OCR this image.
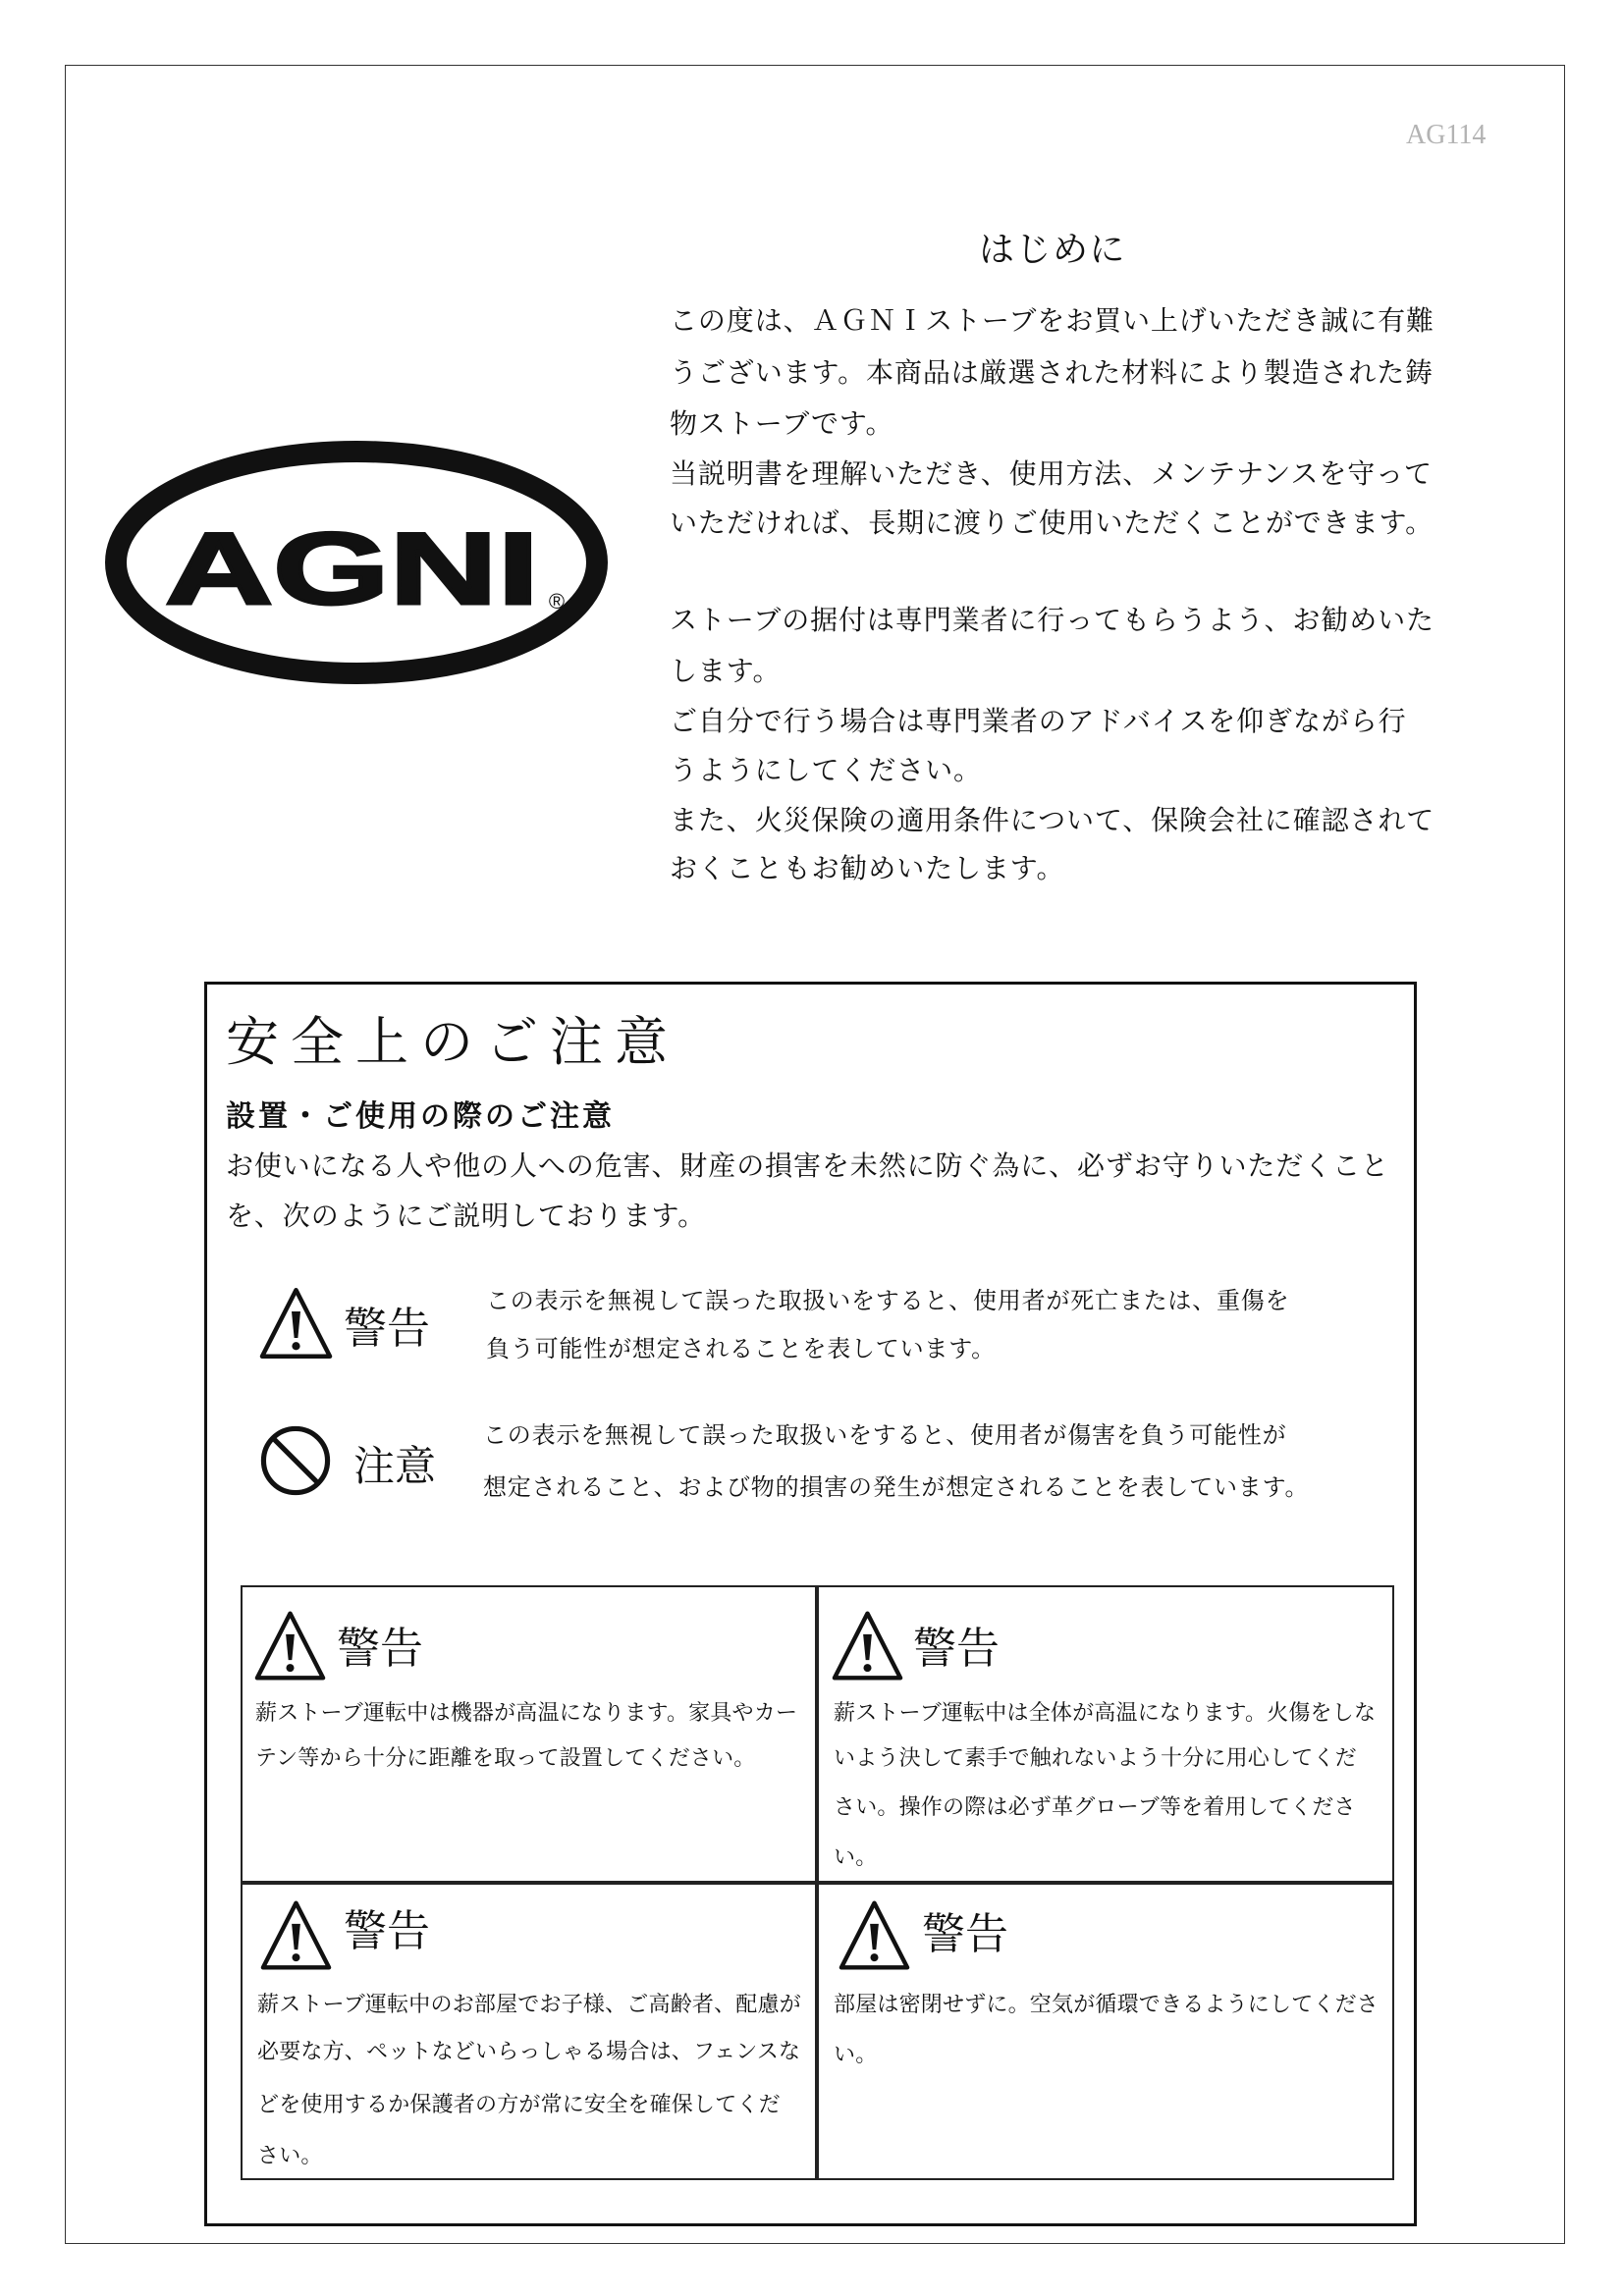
AG114
AGNI ®
はじめに
この度は、ＡＧＮＩストーブをお買い上げいただき誠に有難
うございます。本商品は厳選された材料により製造された鋳
物ストーブです。
当説明書を理解いただき、使用方法、メンテナンスを守って
いただければ、長期に渡りご使用いただくことができます。
ストーブの据付は専門業者に行ってもらうよう、お勧めいた
します。
ご自分で行う場合は専門業者のアドバイスを仰ぎながら行
うようにしてください。
また、火災保険の適用条件について、保険会社に確認されて
おくこともお勧めいたします。
安全上のご注意
設置・ご使用の際のご注意
お使いになる人や他の人への危害、財産の損害を未然に防ぐ為に、必ずお守りいただくこと
を、次のようにご説明しております。
警告
この表示を無視して誤った取扱いをすると、使用者が死亡または、重傷を
負う可能性が想定されることを表しています。
注意
この表示を無視して誤った取扱いをすると、使用者が傷害を負う可能性が
想定されること、および物的損害の発生が想定されることを表しています。
警告
薪ストーブ運転中は機器が高温になります。家具やカー
テン等から十分に距離を取って設置してください。
警告
薪ストーブ運転中は全体が高温になります。火傷をしな
いよう決して素手で触れないよう十分に用心してくだ
さい。操作の際は必ず革グローブ等を着用してくださ
い。
警告
薪ストーブ運転中のお部屋でお子様、ご高齢者、配慮が
必要な方、ペットなどいらっしゃる場合は、フェンスな
どを使用するか保護者の方が常に安全を確保してくだ
さい。
警告
部屋は密閉せずに。空気が循環できるようにしてくださ
い。
